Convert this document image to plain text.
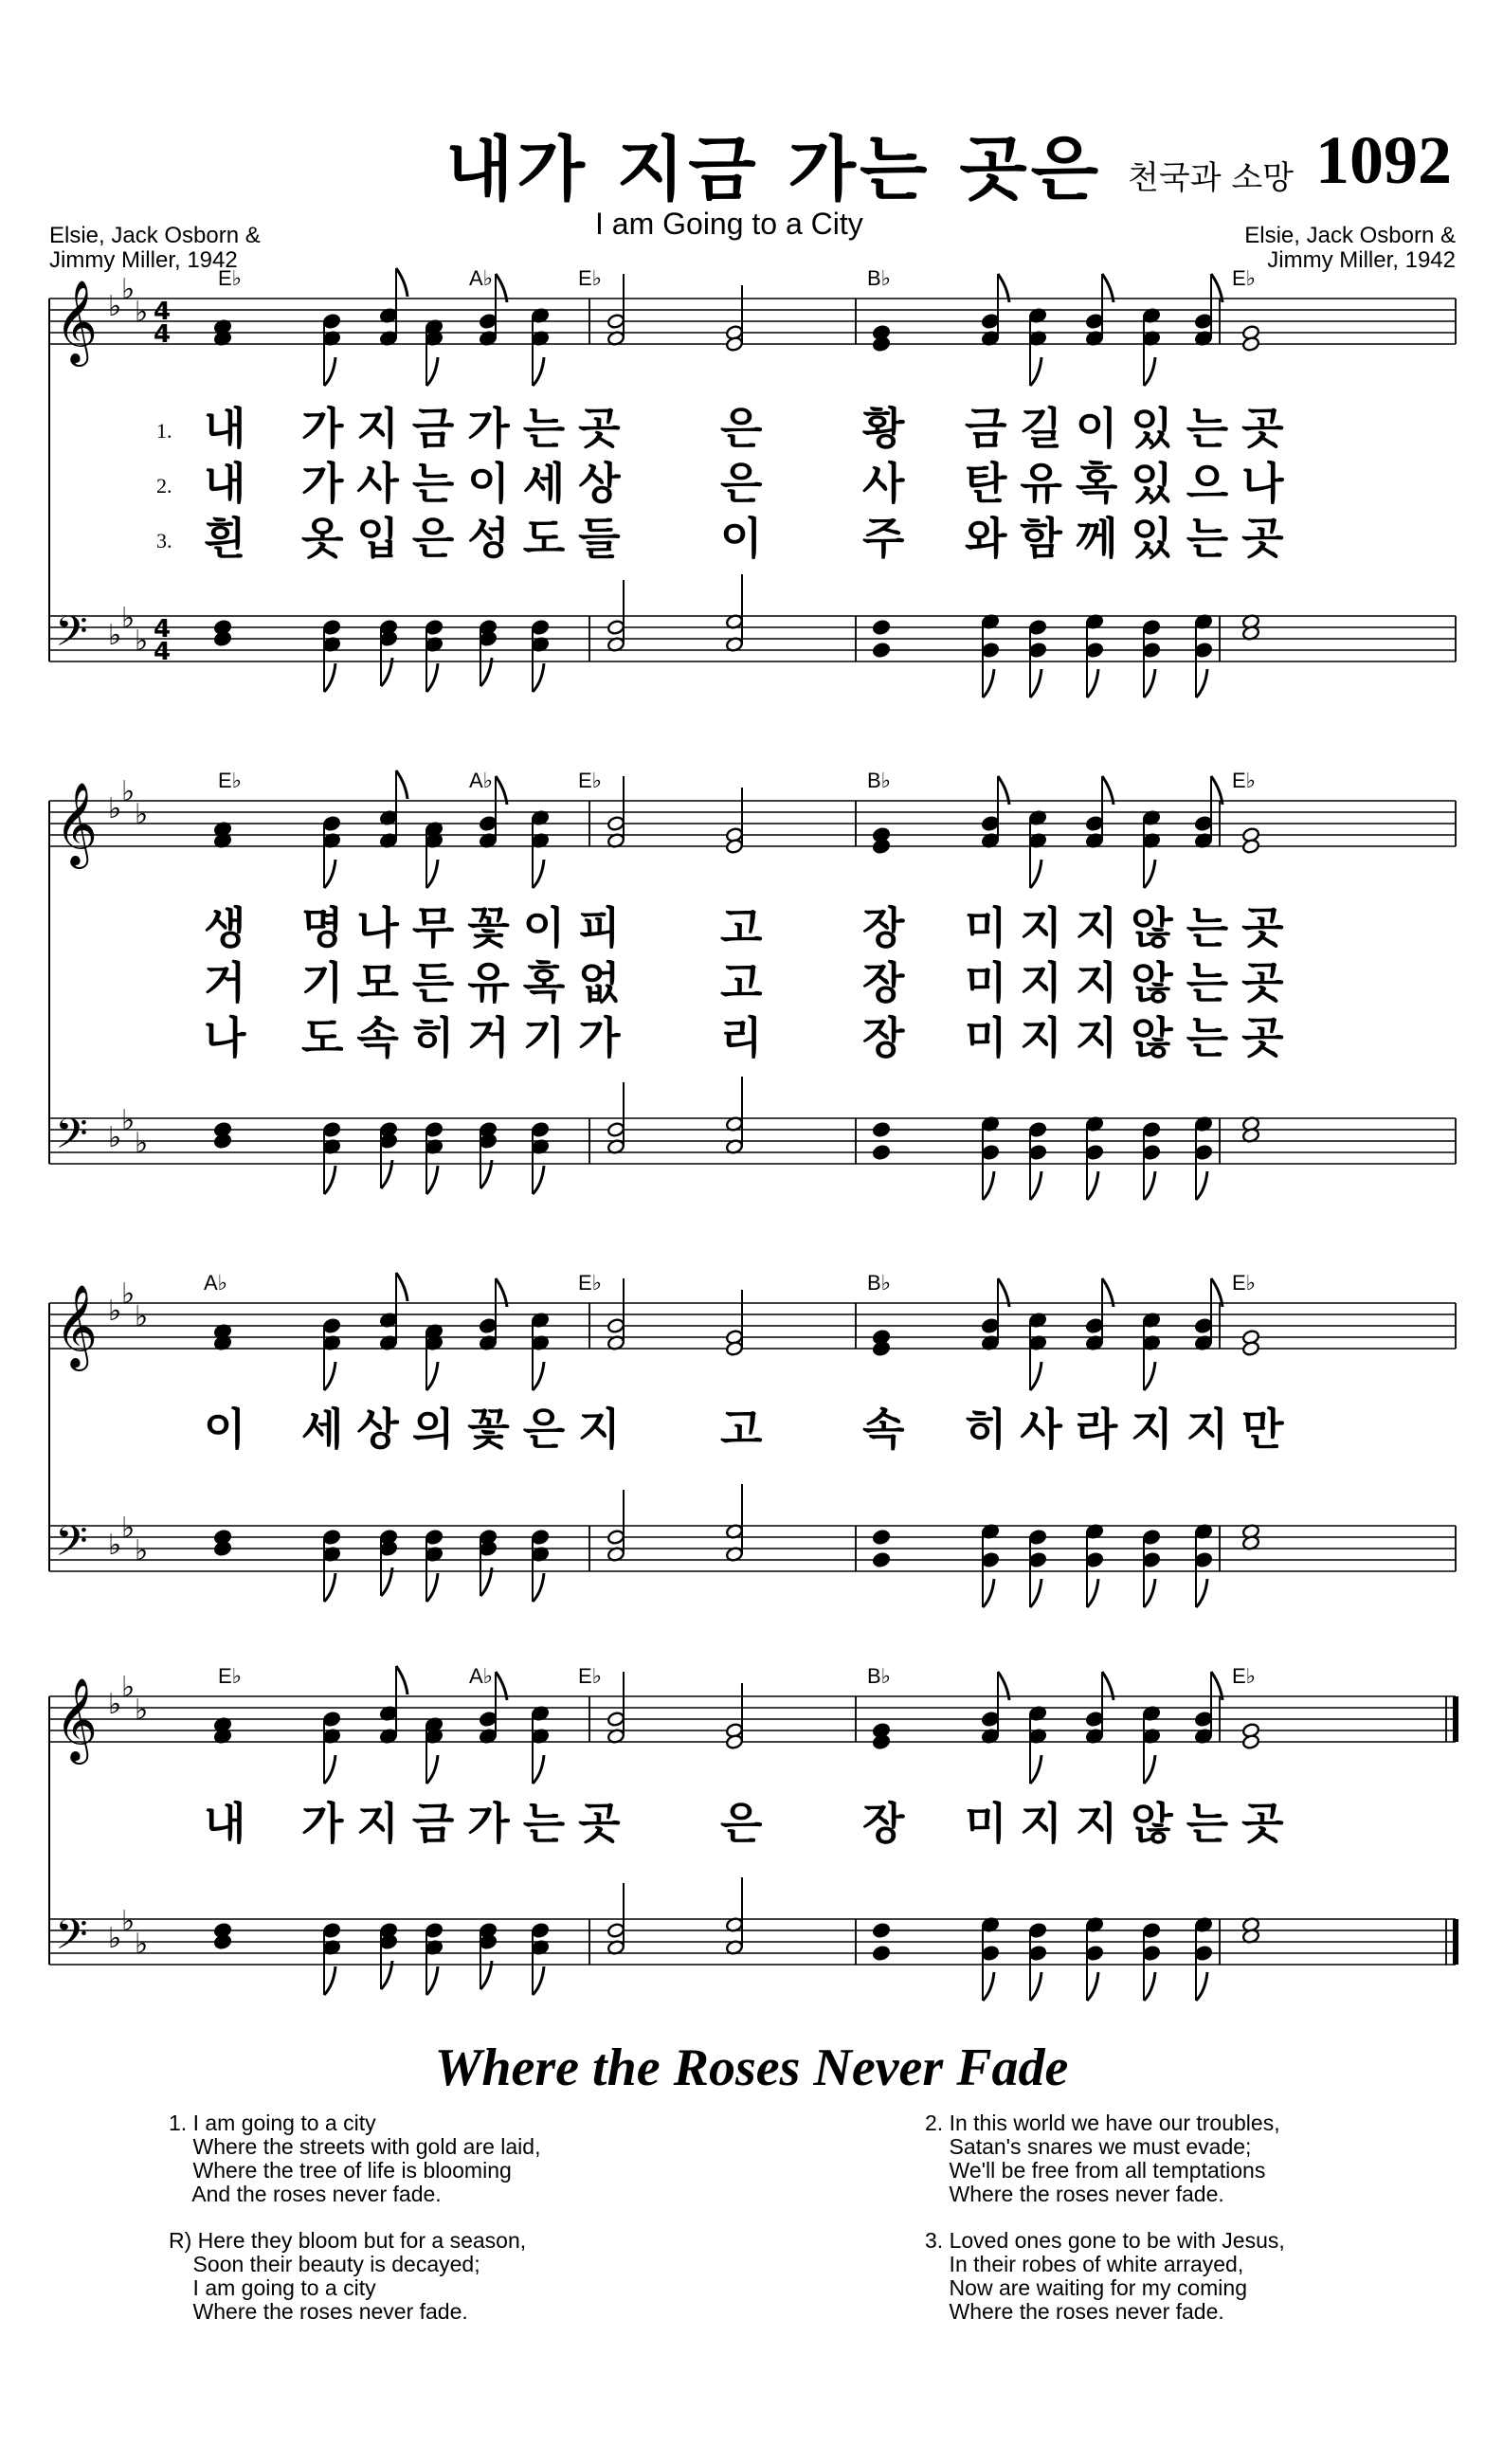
내가 지금 가는 곳은
I am Going to a City
천국과 소망 1092
Elsie, Jack Osborn &
Jimmy Miller, 1942
Elsie, Jack Osborn &
Jimmy Miller, 1942
𝄞 ♭
♭
♭ 4
4
𝄢 ♭
♭
♭ 4
4
E♭	A♭	E♭	B♭	E♭
1. 내 가지금가는곳 은 황 금길이있는곳
2. 내 가사는이세상 은 사 탄유혹있으나
3. 흰 옷입은성도들 이 주 와함께있는곳
𝄞 ♭
♭
♭
𝄢 ♭
♭
♭
E♭	A♭	E♭	B♭	E♭
생 명나무꽃이피 고 장 미지지않는곳
거 기모든유혹없 고 장 미지지않는곳
나 도속히거기가 리 장 미지지않는곳
𝄞 ♭
♭
♭
𝄢 ♭
♭
♭
A♭	E♭	B♭	E♭
이 세상의꽃은지 고 속 히사라지지만
𝄞 ♭
♭
♭
𝄢 ♭
♭
♭
E♭	A♭	E♭	B♭	E♭
내 가지금가는곳 은 장 미지지않는곳
Where the Roses Never Fade
1. I am going to a city
Where the streets with gold are laid,
Where the tree of life is blooming
And the roses never fade.
R) Here they bloom but for a season,
Soon their beauty is decayed;
I am going to a city
Where the roses never fade.
2. In this world we have our troubles,
Satan's snares we must evade;
We'll be free from all temptations
Where the roses never fade.
3. Loved ones gone to be with Jesus,
In their robes of white arrayed,
Now are waiting for my coming
Where the roses never fade.
